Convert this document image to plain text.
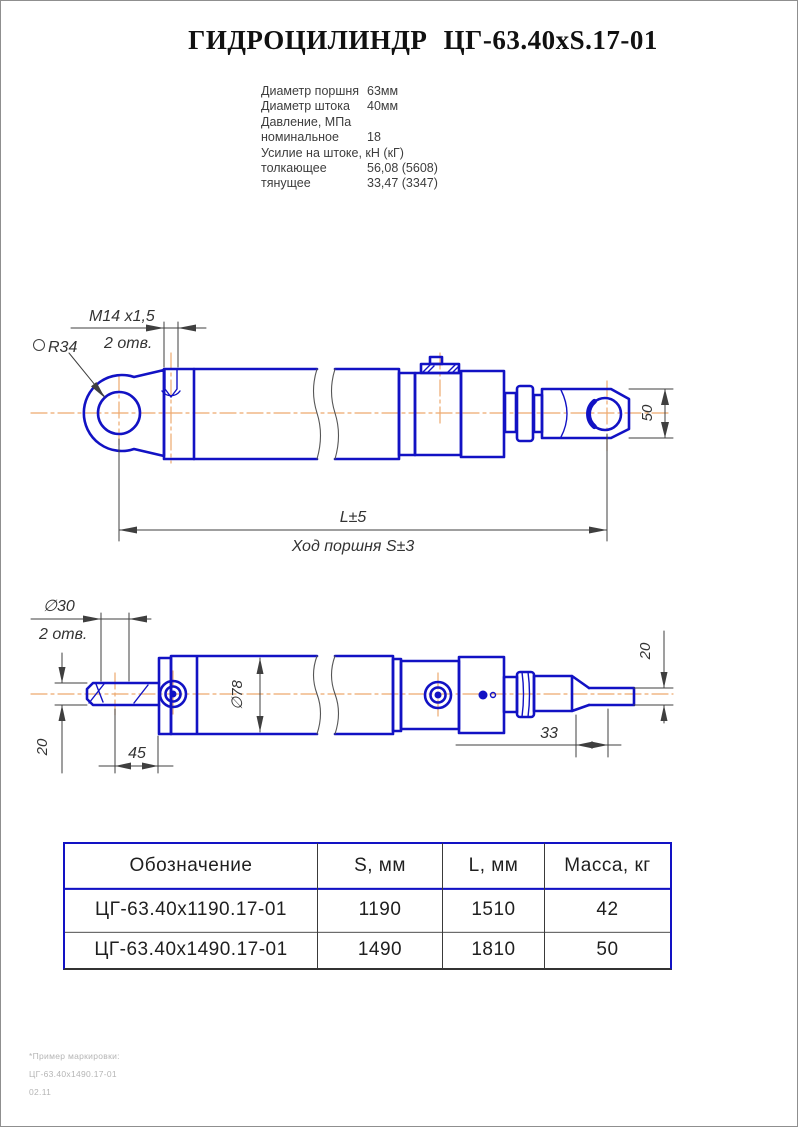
ГИДРОЦИЛИНДР ЦГ-63.40xS.17-01
Диаметр поршня 63мм
Диаметр штока	40мм
Давление, МПа
номинальное	18
Усилие на штоке, кН (кГ)
толкающее	56,08 (5608)
тянущее	33,47 (3347)
M14 x1,5
2 отв.
R34
50
L±5
Ход поршня S±3
∅30
2 отв.
20	45
∅78
33
20
Обозначение	S, мм	L, мм	Масса, кг
ЦГ-63.40x1190.17-01	1190	1510	42
ЦГ-63.40x1490.17-01	1490	1810	50
*Пример маркировки:
ЦГ-63.40x1490.17-01
02.11
